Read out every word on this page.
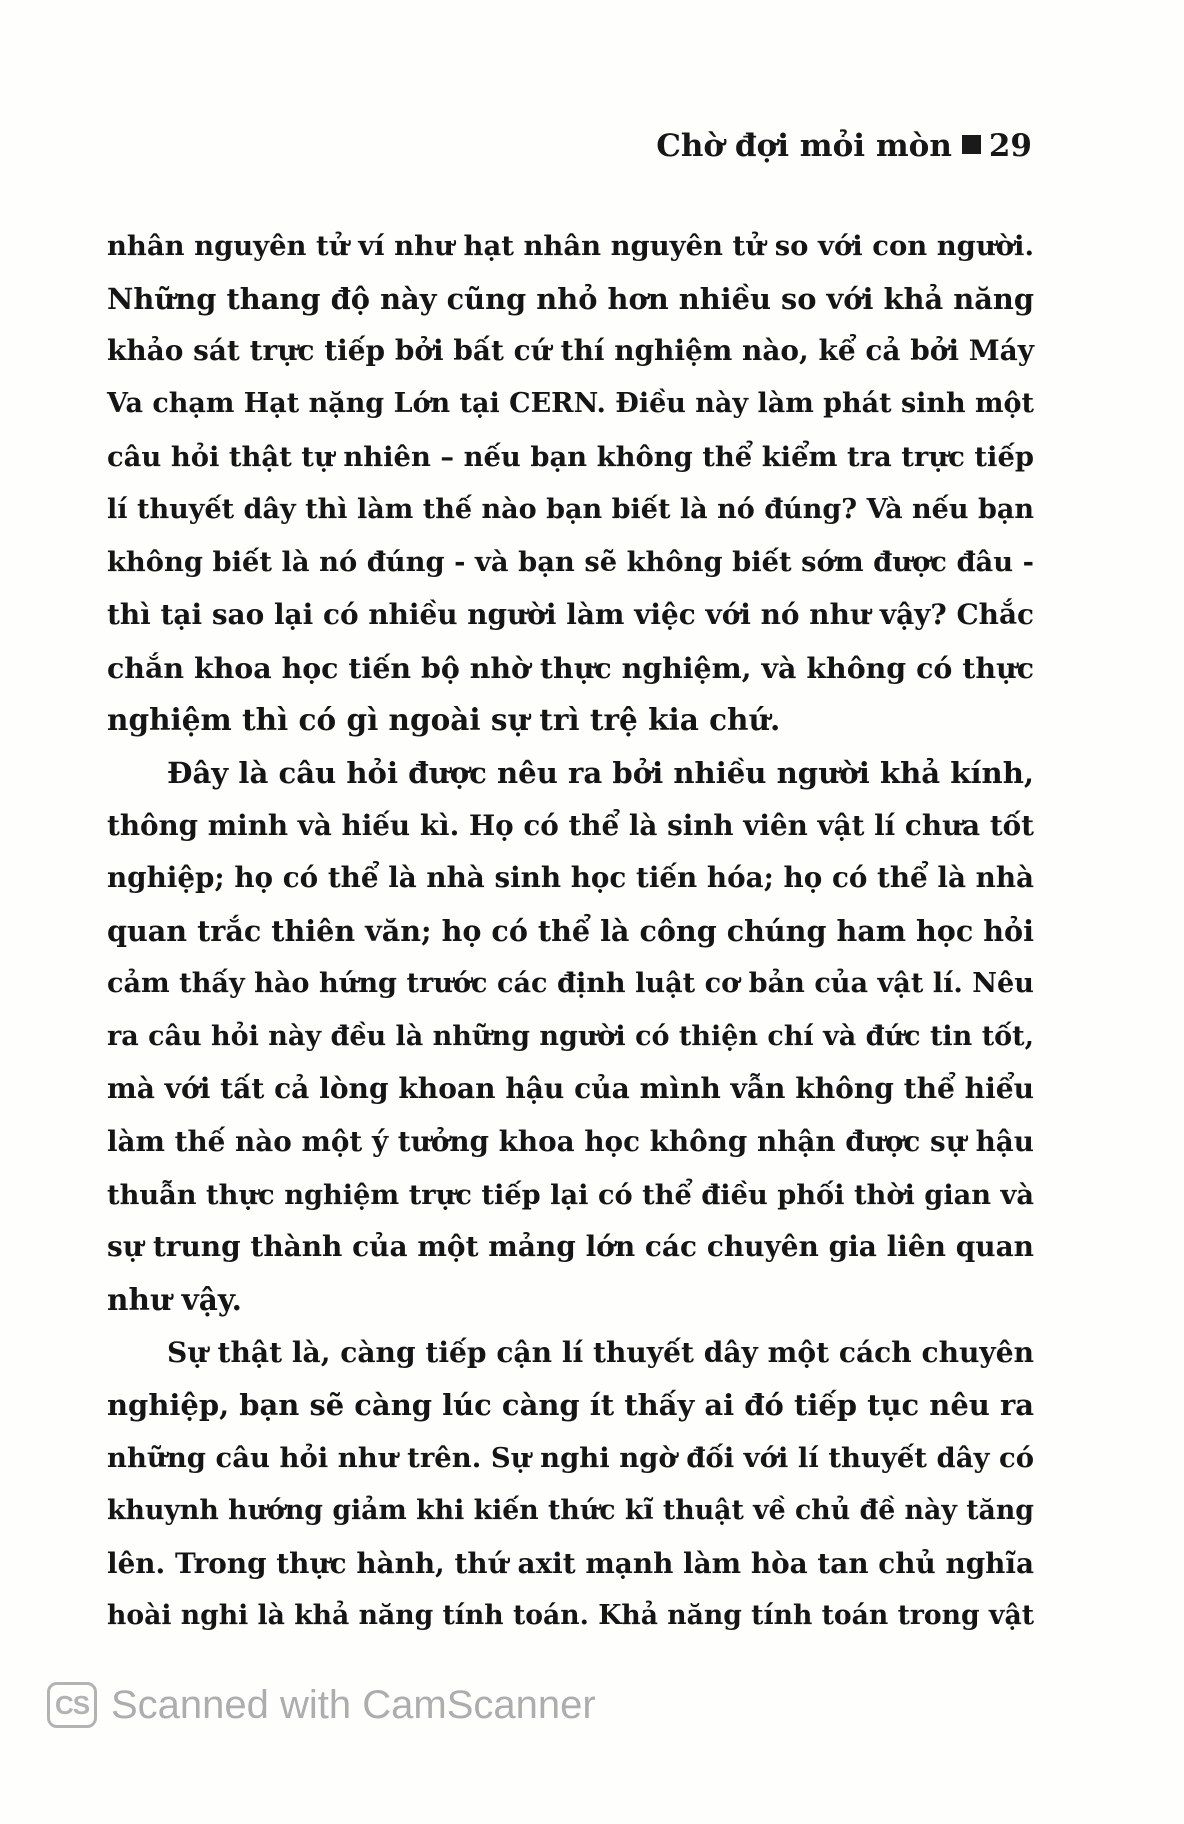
Chờ đợi mỏi mòn 29
nhân nguyên tử ví như hạt nhân nguyên tử so với con người.
Những thang độ này cũng nhỏ hơn nhiều so với khả năng
khảo sát trực tiếp bởi bất cứ thí nghiệm nào, kể cả bởi Máy
Va chạm Hạt nặng Lớn tại CERN. Điều này làm phát sinh một
câu hỏi thật tự nhiên – nếu bạn không thể kiểm tra trực tiếp
lí thuyết dây thì làm thế nào bạn biết là nó đúng? Và nếu bạn
không biết là nó đúng - và bạn sẽ không biết sớm được đâu -
thì tại sao lại có nhiều người làm việc với nó như vậy? Chắc
chắn khoa học tiến bộ nhờ thực nghiệm, và không có thực
nghiệm thì có gì ngoài sự trì trệ kia chứ.
Đây là câu hỏi được nêu ra bởi nhiều người khả kính,
thông minh và hiếu kì. Họ có thể là sinh viên vật lí chưa tốt
nghiệp; họ có thể là nhà sinh học tiến hóa; họ có thể là nhà
quan trắc thiên văn; họ có thể là công chúng ham học hỏi
cảm thấy hào hứng trước các định luật cơ bản của vật lí. Nêu
ra câu hỏi này đều là những người có thiện chí và đức tin tốt,
mà với tất cả lòng khoan hậu của mình vẫn không thể hiểu
làm thế nào một ý tưởng khoa học không nhận được sự hậu
thuẫn thực nghiệm trực tiếp lại có thể điều phối thời gian và
sự trung thành của một mảng lớn các chuyên gia liên quan
như vậy.
Sự thật là, càng tiếp cận lí thuyết dây một cách chuyên
nghiệp, bạn sẽ càng lúc càng ít thấy ai đó tiếp tục nêu ra
những câu hỏi như trên. Sự nghi ngờ đối với lí thuyết dây có
khuynh hướng giảm khi kiến thức kĩ thuật về chủ đề này tăng
lên. Trong thực hành, thứ axit mạnh làm hòa tan chủ nghĩa
hoài nghi là khả năng tính toán. Khả năng tính toán trong vật
CS Scanned with CamScanner
